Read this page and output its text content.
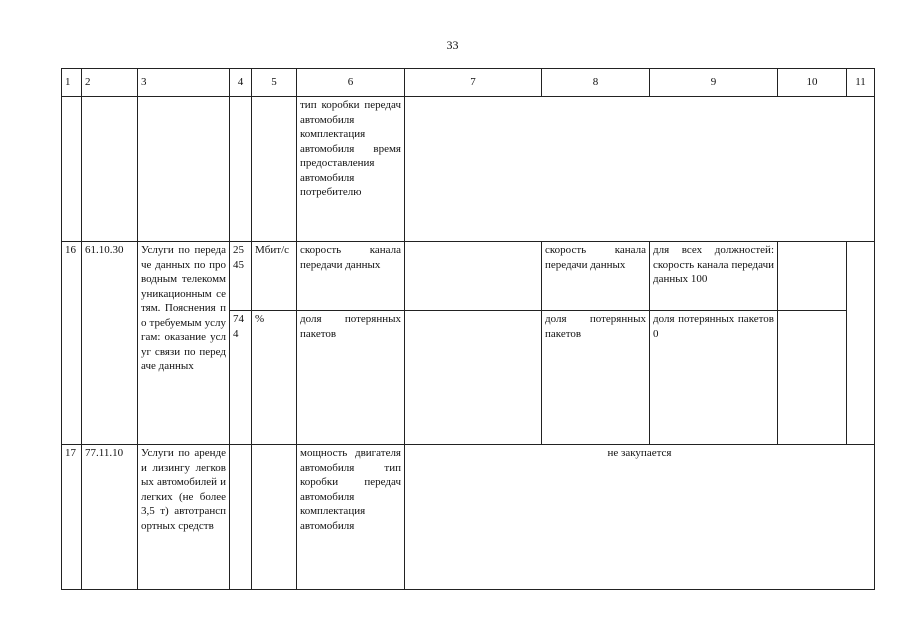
33
1	2	3	4	5	6	7	8	9	10	11
					тип коробки передач автомобиля комплектация автомобиля время предоставления автомобиля потребителю					
16	61.10.30	Услуги по передаче данных по проводным телекоммуникационным сетям. Пояснения по требуемым услугам: оказание услуг связи по передаче данных	2545	Мбит/с	скорость канала передачи данных		скорость канала передачи данных	для всех должностей: скорость канала передачи данных 100		
			744	%	доля потерянных пакетов		доля потерянных пакетов	доля потерянных пакетов 0		
17	77.11.10	Услуги по аренде и лизингу легковых автомобилей и легких (не более 3,5 т) автотранспортных средств			мощность двигателя автомобиля тип коробки передач автомобиля комплектация автомобиля	не закупается				
